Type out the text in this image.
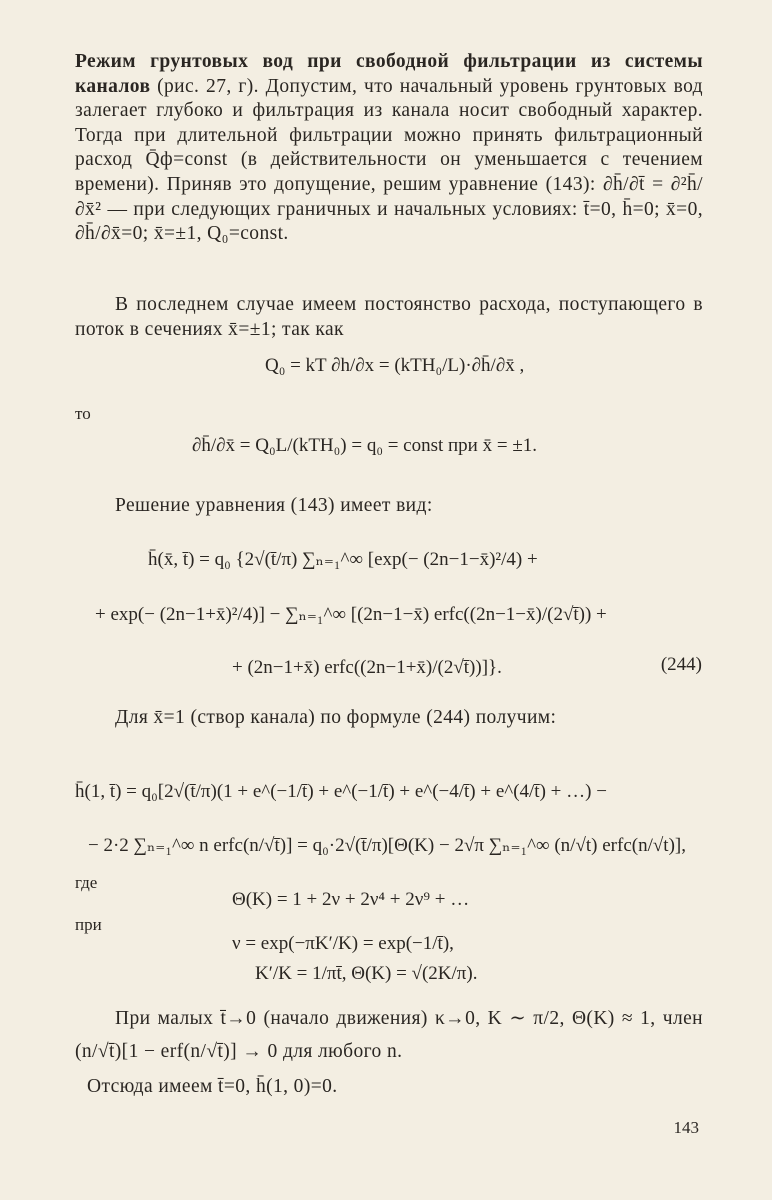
Режим грунтовых вод при свободной фильтрации из системы каналов (рис. 27, г). Допустим, что начальный уровень грунтовых вод залегает глубоко и фильтрация из канала носит свободный характер. Тогда при длительной фильтрации можно принять фильтрационный расход Q̄ф=const (в действительности он уменьшается с течением времени). Приняв это допущение, решим уравнение (143): ∂h̄/∂t̄ = ∂²h̄/∂x̄² — при следующих граничных и начальных условиях: t̄=0, h̄=0; x̄=0, ∂h̄/∂x̄=0; x̄=±1, Q₀=const.

В последнем случае имеем постоянство расхода, поступающего в поток в сечениях x̄=±1; так как

Q₀ = kT ∂h/∂x = (kTH₀/L)·∂h̄/∂x̄ ,
то
∂h̄/∂x̄ = Q₀L/(kTH₀) = q₀ = const при x̄ = ±1.

Решение уравнения (143) имеет вид:

h̄(x̄, t̄) = q₀ {2√(t̄/π) ∑ₙ₌₁^∞ [exp(− (2n−1−x̄)²/4) +
+ exp(− (2n−1+x̄)²/4)] − ∑ₙ₌₁^∞ [(2n−1−x̄) erfc((2n−1−x̄)/(2√t̄)) +
+ (2n−1+x̄) erfc((2n−1+x̄)/(2√t̄))]}.	(244)

Для x̄=1 (створ канала) по формуле (244) получим:

h̄(1, t̄) = q₀[2√(t̄/π)(1 + e^(−1/t̄) + e^(−1/t̄) + e^(−4/t̄) + e^(4/t̄) + …) −
− 2·2 ∑ₙ₌₁^∞ n erfc(n/√t̄)] = q₀·2√(t̄/π)[Θ(K) − 2√π ∑ₙ₌₁^∞ (n/√t) erfc(n/√t)],
где
Θ(K) = 1 + 2ν + 2ν⁴ + 2ν⁹ + …
при
ν = exp(−πK′/K) = exp(−1/t̄),
K′/K = 1/πt̄, Θ(K) = √(2K/π).

При малых t̄→0 (начало движения) κ→0, K ∼ π/2, Θ(K) ≈ 1, член (n/√t̄)[1 − erf(n/√t̄)] → 0 для любого n.

Отсюда имеем t̄=0, h̄(1, 0)=0.

143
